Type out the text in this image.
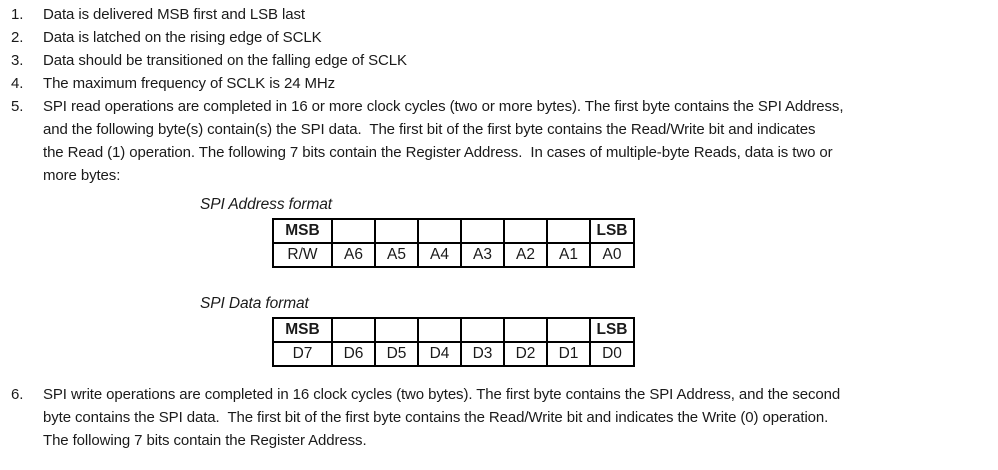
1. Data is delivered MSB first and LSB last
2. Data is latched on the rising edge of SCLK
3. Data should be transitioned on the falling edge of SCLK
4. The maximum frequency of SCLK is 24 MHz
5. SPI read operations are completed in 16 or more clock cycles (two or more bytes). The first byte contains the SPI Address,
and the following byte(s) contain(s) the SPI data.  The first bit of the first byte contains the Read/Write bit and indicates
the Read (1) operation. The following 7 bits contain the Register Address.  In cases of multiple-byte Reads, data is two or
more bytes:
SPI Address format
MSB							LSB
R/W	A6	A5	A4	A3	A2	A1	A0
SPI Data format
MSB							LSB
D7	D6	D5	D4	D3	D2	D1	D0
6. SPI write operations are completed in 16 clock cycles (two bytes). The first byte contains the SPI Address, and the second
byte contains the SPI data.  The first bit of the first byte contains the Read/Write bit and indicates the Write (0) operation.
The following 7 bits contain the Register Address.
